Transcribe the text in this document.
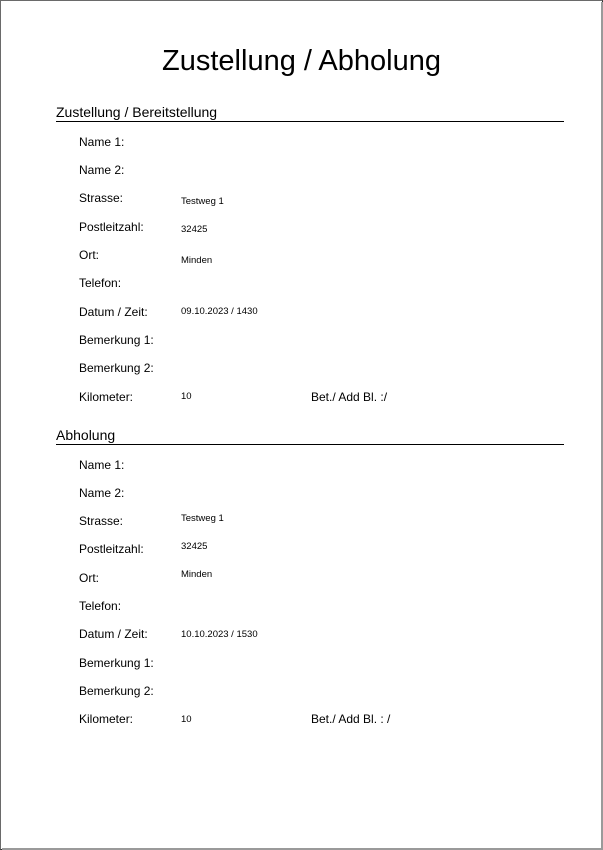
Zustellung / Abholung
Zustellung / Bereitstellung
Name 1:
Name 2:
Strasse:	Testweg 1
Postleitzahl:	32425
Ort:	Minden
Telefon:
Datum / Zeit:	09.10.2023 / 1430
Bemerkung 1:
Bemerkung 2:
Kilometer:	10	Bet./ Add Bl. :/
Abholung
Name 1:
Name 2:
Strasse:	Testweg 1
Postleitzahl:	32425
Ort:	Minden
Telefon:
Datum / Zeit:	10.10.2023 / 1530
Bemerkung 1:
Bemerkung 2:
Kilometer:	10	Bet./ Add Bl. : /
